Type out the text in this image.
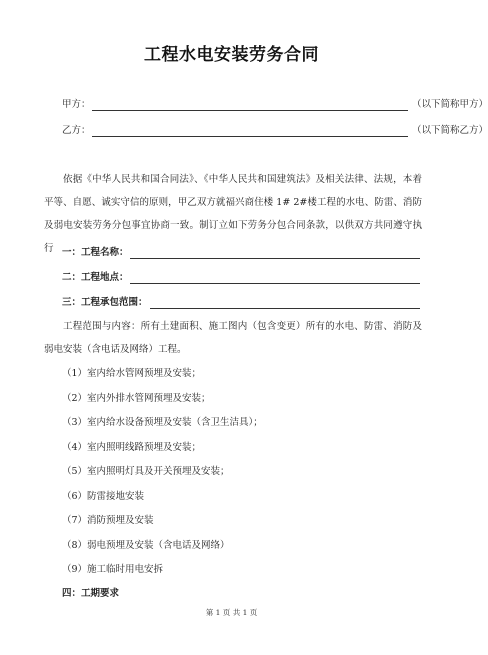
工程水电安装劳务合同
甲方：	（以下简称甲方）
乙方：	（以下简称乙方）
依据《中华人民共和国合同法》、《中华人民共和国建筑法》及相关法律、法规，本着平等、自愿、诚实守信的原则，甲乙双方就福兴商住楼 1# 2#楼工程的水电、防雷、消防及弱电安装劳务分包事宜协商一致。制订立如下劳务分包合同条款，以供双方共同遵守执行 一：工程名称：
二：工程地点：
三：工程承包范围：
工程范围与内容：所有土建面积、施工图内（包含变更）所有的水电、防雷、消防及弱电安装（含电话及网络）工程。
（1）室内给水管网预埋及安装；
（2）室内外排水管网预埋及安装；
（3）室内给水设备预埋及安装（含卫生洁具）；
（4）室内照明线路预埋及安装；
（5）室内照明灯具及开关预埋及安装；
（6）防雷接地安装
（7）消防预埋及安装
（8）弱电预埋及安装（含电话及网络）
（9）施工临时用电安拆
四：工期要求
第 1 页 共 1 页
